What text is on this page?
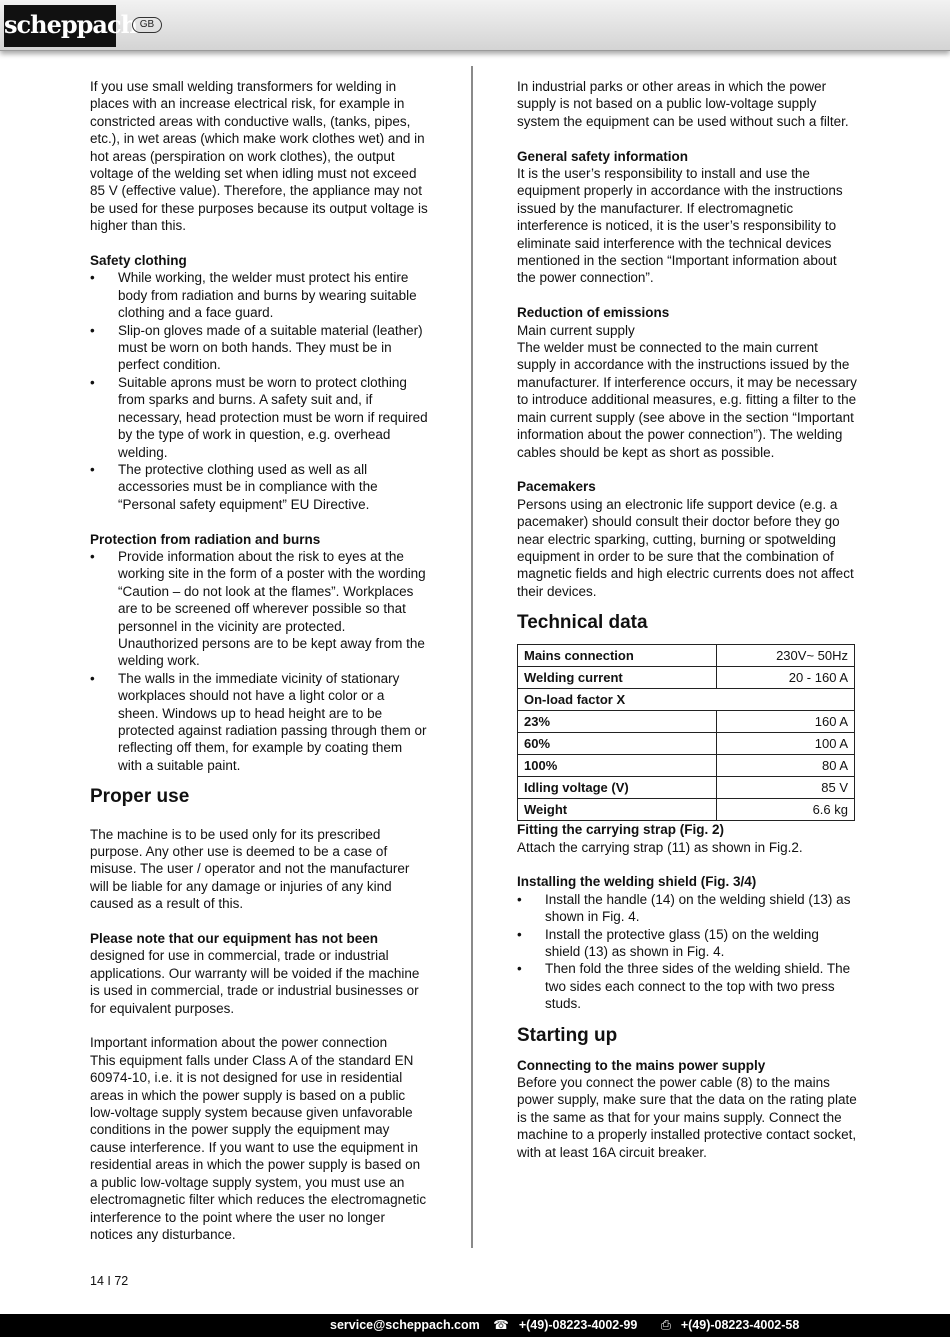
scheppach GB

If you use small welding transformers for welding in places with an increase electrical risk, for example in constricted areas with conductive walls, (tanks, pipes, etc.), in wet areas (which make work clothes wet) and in hot areas (perspiration on work clothes), the output voltage of the welding set when idling must not exceed 85 V (effective value). Therefore, the appliance may not be used for these purposes because its output voltage is higher than this.

Safety clothing

• While working, the welder must protect his entire body from radiation and burns by wearing suitable clothing and a face guard.
• Slip-on gloves made of a suitable material (leather) must be worn on both hands. They must be in perfect condition.
• Suitable aprons must be worn to protect clothing from sparks and burns. A safety suit and, if necessary, head protection must be worn if required by the type of work in question, e.g. overhead welding.
• The protective clothing used as well as all accessories must be in compliance with the “Personal safety equipment” EU Directive.

Protection from radiation and burns

• Provide information about the risk to eyes at the working site in the form of a poster with the wording “Caution – do not look at the flames”. Workplaces are to be screened off wherever possible so that personnel in the vicinity are protected. Unauthorized persons are to be kept away from the welding work.
• The walls in the immediate vicinity of stationary workplaces should not have a light color or a sheen. Windows up to head height are to be protected against radiation passing through them or reflecting off them, for example by coating them with a suitable paint.
Proper use

The machine is to be used only for its prescribed purpose. Any other use is deemed to be a case of misuse. The user / operator and not the manufacturer will be liable for any damage or injuries of any kind caused as a result of this.

Please note that our equipment has not been designed for use in commercial, trade or industrial applications. Our warranty will be voided if the machine is used in commercial, trade or industrial businesses or for equivalent purposes.

Important information about the power connection

This equipment falls under Class A of the standard EN 60974-10, i.e. it is not designed for use in residential areas in which the power supply is based on a public low-voltage supply system because given unfavorable conditions in the power supply the equipment may cause interference. If you want to use the equipment in residential areas in which the power supply is based on a public low-voltage supply system, you must use an electromagnetic filter which reduces the electromagnetic interference to the point where the user no longer notices any disturbance.

In industrial parks or other areas in which the power supply is not based on a public low-voltage supply system the equipment can be used without such a filter.

General safety information

It is the user’s responsibility to install and use the equipment properly in accordance with the instructions issued by the manufacturer. If electromagnetic interference is noticed, it is the user’s responsibility to eliminate said interference with the technical devices mentioned in the section “Important information about the power connection”.

Reduction of emissions

Main current supply

The welder must be connected to the main current supply in accordance with the instructions issued by the manufacturer. If interference occurs, it may be necessary to introduce additional measures, e.g. fitting a filter to the main current supply (see above in the section “Important information about the power connection”). The welding cables should be kept as short as possible.

Pacemakers

Persons using an electronic life support device (e.g. a pacemaker) should consult their doctor before they go near electric sparking, cutting, burning or spotwelding equipment in order to be sure that the combination of magnetic fields and high electric currents does not affect their devices.

Technical data
Mains connection	230V~ 50Hz
Welding current	20 - 160 A
On-load factor X	
23%	160 A
60%	100 A
100%	80 A
Idling voltage (V)	85 V
Weight	6.6 kg

Fitting the carrying strap (Fig. 2)

Attach the carrying strap (11) as shown in Fig.2.

Installing the welding shield (Fig. 3/4)

• Install the handle (14) on the welding shield (13) as shown in Fig. 4.
• Install the protective glass (15) on the welding shield (13) as shown in Fig. 4.
• Then fold the three sides of the welding shield. The two sides each connect to the top with two press studs.
Starting up

Connecting to the mains power supply

Before you connect the power cable (8) to the mains power supply, make sure that the data on the rating plate is the same as that for your mains supply. Connect the machine to a properly installed protective contact socket, with at least 16A circuit breaker.

14 I 72
service@scheppach.com ☎ +(49)-08223-4002-99 ⎙ +(49)-08223-4002-58
